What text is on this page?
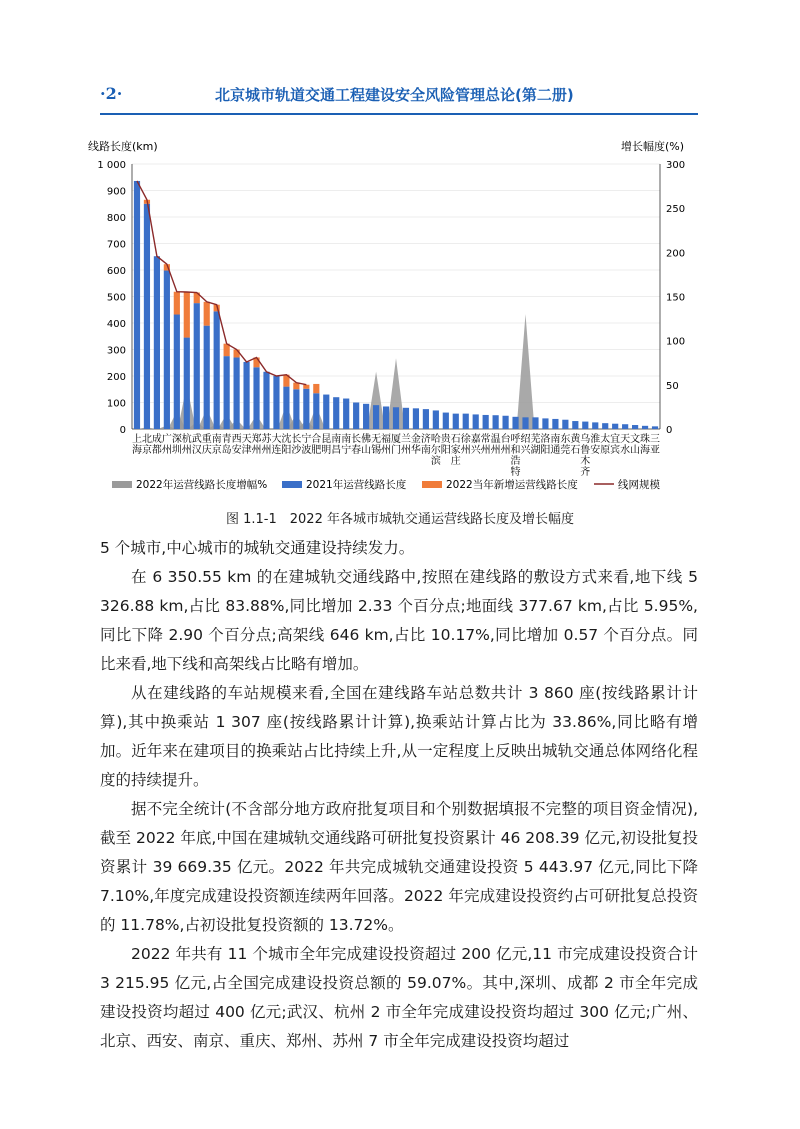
·2·	北京城市轨道交通工程建设安全风险管理总论(第二册)
线路长度(km)	增长幅度(%)
0
100
200
300
400
500
600
700
800
900
1 000
0
50
100
150
200
250
300
上海
北京
成都
广州
深圳
杭州
武汉
重庆
南京
青岛
西安
天津
郑州
苏州
大连
沈阳
长沙
宁波
合肥
昆明
南昌
南宁
长春
佛山
无锡
福州
厦门
兰州
金华
济南
哈尔滨
贵阳
石家庄
徐州
嘉兴
常州
温州
台州
呼和浩特
绍兴
芜湖
洛阳
南通
东莞
黄石
乌鲁木齐
淮安
太原
宜宾
天水
文山
珠海
三亚
2022年运营线路长度增幅%	2021年运营线路长度	2022当年新增运营线路长度	线网规模
图 1.1-1　2022 年各城市城轨交通运营线路长度及增长幅度

5 个城市,中心城市的城轨交通建设持续发力。

在 6 350.55 km 的在建城轨交通线路中,按照在建线路的敷设方式来看,地下线 5 326.88 km,占比 83.88%,同比增加 2.33 个百分点;地面线 377.67 km,占比 5.95%,同比下降 2.90 个百分点;高架线 646 km,占比 10.17%,同比增加 0.57 个百分点。同比来看,地下线和高架线占比略有增加。

从在建线路的车站规模来看,全国在建线路车站总数共计 3 860 座(按线路累计计算),其中换乘站 1 307 座(按线路累计计算),换乘站计算占比为 33.86%,同比略有增加。近年来在建项目的换乘站占比持续上升,从一定程度上反映出城轨交通总体网络化程度的持续提升。

据不完全统计(不含部分地方政府批复项目和个别数据填报不完整的项目资金情况),截至 2022 年底,中国在建城轨交通线路可研批复投资累计 46 208.39 亿元,初设批复投资累计 39 669.35 亿元。2022 年共完成城轨交通建设投资 5 443.97 亿元,同比下降 7.10%,年度完成建设投资额连续两年回落。2022 年完成建设投资约占可研批复总投资的 11.78%,占初设批复投资额的 13.72%。

2022 年共有 11 个城市全年完成建设投资超过 200 亿元,11 市完成建设投资合计 3 215.95 亿元,占全国完成建设投资总额的 59.07%。其中,深圳、成都 2 市全年完成建设投资均超过 400 亿元;武汉、杭州 2 市全年完成建设投资均超过 300 亿元;广州、北京、西安、南京、重庆、郑州、苏州 7 市全年完成建设投资均超过
